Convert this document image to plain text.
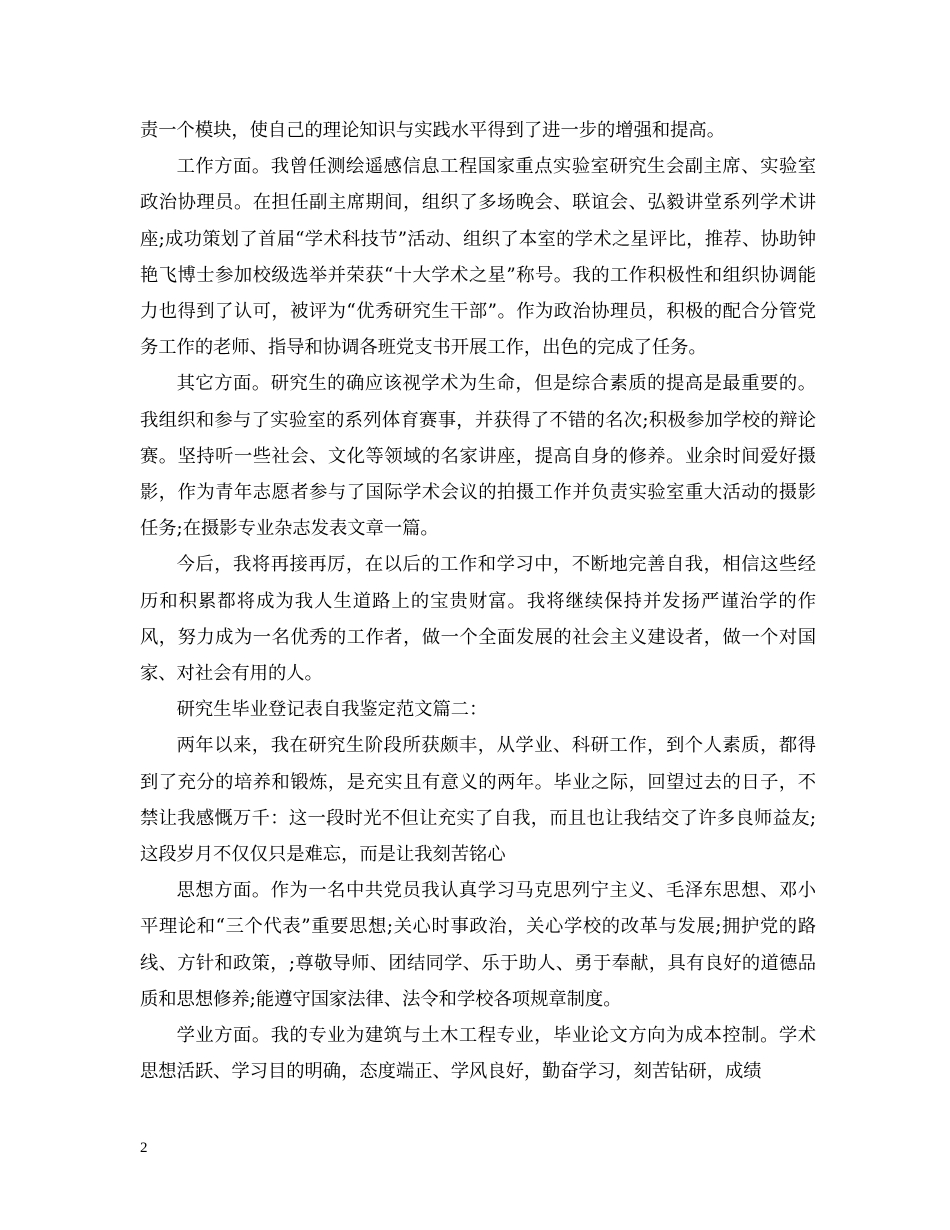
责一个模块，使自己的理论知识与实践水平得到了进一步的增强和提高。

工作方面。我曾任测绘遥感信息工程国家重点实验室研究生会副主席、实验室政治协理员。在担任副主席期间，组织了多场晚会、联谊会、弘毅讲堂系列学术讲座;成功策划了首届“学术科技节”活动、组织了本室的学术之星评比，推荐、协助钟艳飞博士参加校级选举并荣获“十大学术之星”称号。我的工作积极性和组织协调能力也得到了认可，被评为“优秀研究生干部”。作为政治协理员，积极的配合分管党务工作的老师、指导和协调各班党支书开展工作，出色的完成了任务。

其它方面。研究生的确应该视学术为生命，但是综合素质的提高是最重要的。我组织和参与了实验室的系列体育赛事，并获得了不错的名次;积极参加学校的辩论赛。坚持听一些社会、文化等领域的名家讲座，提高自身的修养。业余时间爱好摄影，作为青年志愿者参与了国际学术会议的拍摄工作并负责实验室重大活动的摄影任务;在摄影专业杂志发表文章一篇。

今后，我将再接再厉，在以后的工作和学习中，不断地完善自我，相信这些经历和积累都将成为我人生道路上的宝贵财富。我将继续保持并发扬严谨治学的作风，努力成为一名优秀的工作者，做一个全面发展的社会主义建设者，做一个对国家、对社会有用的人。

研究生毕业登记表自我鉴定范文篇二：

两年以来，我在研究生阶段所获颇丰，从学业、科研工作，到个人素质，都得到了充分的培养和锻炼，是充实且有意义的两年。毕业之际，回望过去的日子，不禁让我感慨万千：这一段时光不但让充实了自我，而且也让我结交了许多良师益友;这段岁月不仅仅只是难忘，而是让我刻苦铭心

思想方面。作为一名中共党员我认真学习马克思列宁主义、毛泽东思想、邓小平理论和“三个代表”重要思想;关心时事政治，关心学校的改革与发展;拥护党的路线、方针和政策，;尊敬导师、团结同学、乐于助人、勇于奉献，具有良好的道德品质和思想修养;能遵守国家法律、法令和学校各项规章制度。

学业方面。我的专业为建筑与土木工程专业，毕业论文方向为成本控制。学术思想活跃、学习目的明确，态度端正、学风良好，勤奋学习，刻苦钻研，成绩

2
